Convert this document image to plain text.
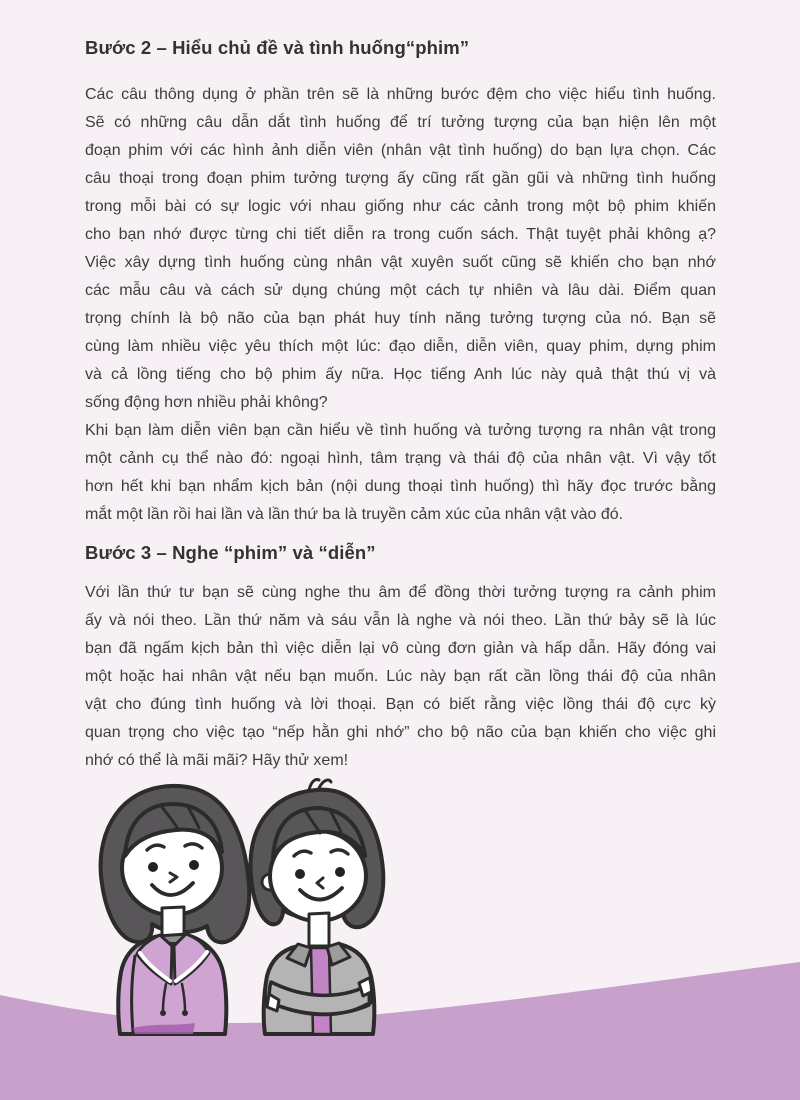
Bước 2 – Hiểu chủ đề và tình huống“phim”
Các câu thông dụng ở phần trên sẽ là những bước đệm cho việc hiểu tình huống.
Sẽ có những câu dẫn dắt tình huống để trí tưởng tượng của bạn hiện lên một
đoạn phim với các hình ảnh diễn viên (nhân vật tình huống) do bạn lựa chọn. Các
câu thoại trong đoạn phim tưởng tượng ấy cũng rất gần gũi và những tình huống
trong mỗi bài có sự logic với nhau giống như các cảnh trong một bộ phim khiến
cho bạn nhớ được từng chi tiết diễn ra trong cuốn sách. Thật tuyệt phải không ạ?
Việc xây dựng tình huống cùng nhân vật xuyên suốt cũng sẽ khiến cho bạn nhớ
các mẫu câu và cách sử dụng chúng một cách tự nhiên và lâu dài. Điểm quan
trọng chính là bộ não của bạn phát huy tính năng tưởng tượng của nó. Bạn sẽ
cùng làm nhiều việc yêu thích một lúc: đạo diễn, diễn viên, quay phim, dựng phim
và cả lồng tiếng cho bộ phim ấy nữa. Học tiếng Anh lúc này quả thật thú vị và
sống động hơn nhiều phải không?
Khi bạn làm diễn viên bạn cần hiểu về tình huống và tưởng tượng ra nhân vật trong
một cảnh cụ thể nào đó: ngoại hình, tâm trạng và thái độ của nhân vật. Vì vậy tốt
hơn hết khi bạn nhẩm kịch bản (nội dung thoại tình huống) thì hãy đọc trước bằng
mắt một lần rồi hai lần và lần thứ ba là truyền cảm xúc của nhân vật vào đó.
Bước 3 – Nghe “phim” và “diễn”
Với lần thứ tư bạn sẽ cùng nghe thu âm để đồng thời tưởng tượng ra cảnh phim
ấy và nói theo. Lần thứ năm và sáu vẫn là nghe và nói theo. Lần thứ bảy sẽ là lúc
bạn đã ngấm kịch bản thì việc diễn lại vô cùng đơn giản và hấp dẫn. Hãy đóng vai
một hoặc hai nhân vật nếu bạn muốn. Lúc này bạn rất cần lồng thái độ của nhân
vật cho đúng tình huống và lời thoại. Bạn có biết rằng việc lồng thái độ cực kỳ
quan trọng cho việc tạo “nếp hằn ghi nhớ” cho bộ não của bạn khiến cho việc ghi
nhớ có thể là mãi mãi? Hãy thử xem!
